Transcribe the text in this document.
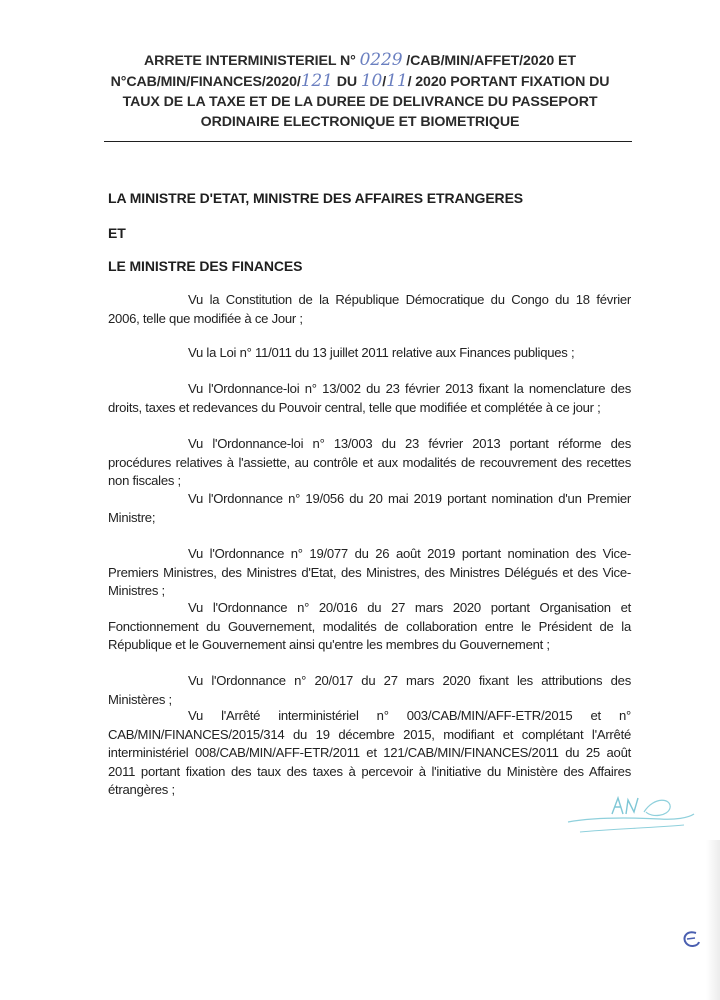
ARRETE INTERMINISTERIEL N° 0229 /CAB/MIN/AFFET/2020 ET
N°CAB/MIN/FINANCES/2020/121 DU 10/11/ 2020 PORTANT FIXATION DU
TAUX DE LA TAXE ET DE LA DUREE DE DELIVRANCE DU PASSEPORT
ORDINAIRE ELECTRONIQUE ET BIOMETRIQUE
LA MINISTRE D'ETAT, MINISTRE DES AFFAIRES ETRANGERES
ET
LE MINISTRE DES FINANCES
Vu la Constitution de la République Démocratique du Congo du 18 février 2006, telle que modifiée à ce Jour ;
Vu la Loi n° 11/011 du 13 juillet 2011 relative aux Finances publiques ;
Vu l'Ordonnance-loi n° 13/002 du 23 février 2013 fixant la nomenclature des droits, taxes et redevances du Pouvoir central, telle que modifiée et complétée à ce jour ;
Vu l'Ordonnance-loi n° 13/003 du 23 février 2013 portant réforme des procédures relatives à l'assiette, au contrôle et aux modalités de recouvrement des recettes non fiscales ;
Vu l'Ordonnance n° 19/056 du 20 mai 2019 portant nomination d'un Premier Ministre;
Vu l'Ordonnance n° 19/077 du 26 août 2019 portant nomination des Vice-Premiers Ministres, des Ministres d'Etat, des Ministres, des Ministres Délégués et des Vice-Ministres ;
Vu l'Ordonnance n° 20/016 du 27 mars 2020 portant Organisation et Fonctionnement du Gouvernement, modalités de collaboration entre le Président de la République et le Gouvernement ainsi qu'entre les membres du Gouvernement ;
Vu l'Ordonnance n° 20/017 du 27 mars 2020 fixant les attributions des Ministères ;
Vu l'Arrêté interministériel n° 003/CAB/MIN/AFF-ETR/2015 et n° CAB/MIN/FINANCES/2015/314 du 19 décembre 2015, modifiant et complétant l'Arrêté interministériel 008/CAB/MIN/AFF-ETR/2011 et 121/CAB/MIN/FINANCES/2011 du 25 août 2011 portant fixation des taux des taxes à percevoir à l'initiative du Ministère des Affaires étrangères ;
